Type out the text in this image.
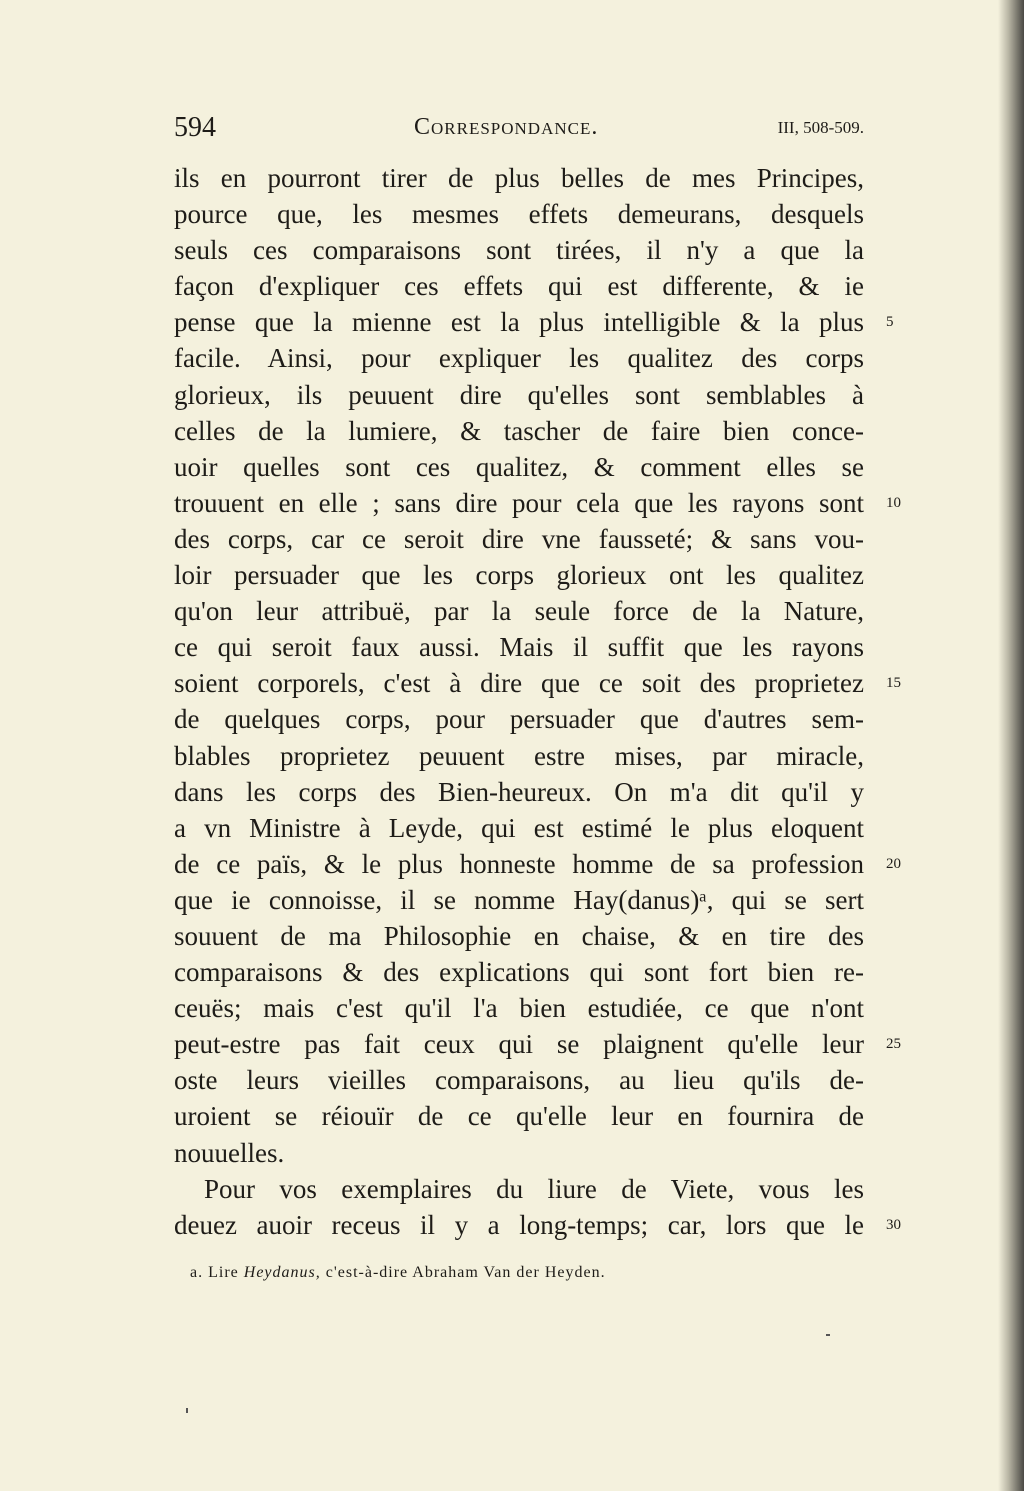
594	Correspondance.	III, 508-509.
ils en pourront tirer de plus belles de mes Principes,
pource que, les mesmes effets demeurans, desquels
seuls ces comparaisons sont tirées, il n'y a que la
façon d'expliquer ces effets qui est differente, & ie
pense que la mienne est la plus intelligible & la plus 5
facile. Ainsi, pour expliquer les qualitez des corps
glorieux, ils peuuent dire qu'elles sont semblables à
celles de la lumiere, & tascher de faire bien conce-
uoir quelles sont ces qualitez, & comment elles se
trouuent en elle ; sans dire pour cela que les rayons sont 10
des corps, car ce seroit dire vne fausseté; & sans vou-
loir persuader que les corps glorieux ont les qualitez
qu'on leur attribuë, par la seule force de la Nature,
ce qui seroit faux aussi. Mais il suffit que les rayons
soient corporels, c'est à dire que ce soit des proprietez 15
de quelques corps, pour persuader que d'autres sem-
blables proprietez peuuent estre mises, par miracle,
dans les corps des Bien-heureux. On m'a dit qu'il y
a vn Ministre à Leyde, qui est estimé le plus eloquent
de ce païs, & le plus honneste homme de sa profession 20
que ie connoisse, il se nomme Hay(danus)ᵃ, qui se sert
souuent de ma Philosophie en chaise, & en tire des
comparaisons & des explications qui sont fort bien re-
ceuës; mais c'est qu'il l'a bien estudiée, ce que n'ont
peut-estre pas fait ceux qui se plaignent qu'elle leur 25
oste leurs vieilles comparaisons, au lieu qu'ils de-
uroient se réiouïr de ce qu'elle leur en fournira de
nouuelles.
Pour vos exemplaires du liure de Viete, vous les
deuez auoir receus il y a long-temps; car, lors que le 30
a. Lire Heydanus, c'est-à-dire Abraham Van der Heyden.
